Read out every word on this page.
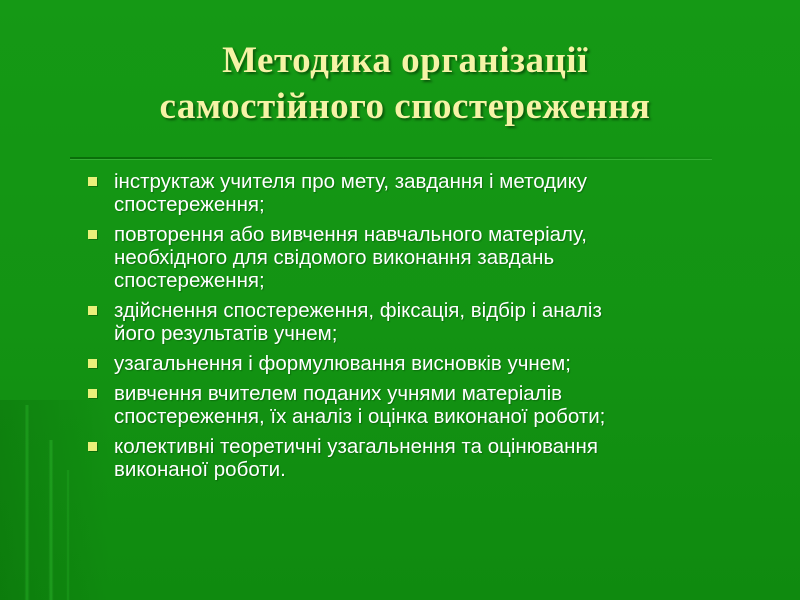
Методика організації
самостійного спостереження
інструктаж учителя про мету, завдання і методику
спостереження;
повторення або вивчення навчального матеріалу,
необхідного для свідомого виконання завдань
спостереження;
здійснення спостереження, фіксація, відбір і аналіз
його результатів учнем;
узагальнення і формулювання висновків учнем;
вивчення вчителем поданих учнями матеріалів
спостереження, їх аналіз і оцінка виконаної роботи;
колективні теоретичні узагальнення та оцінювання
виконаної роботи.
